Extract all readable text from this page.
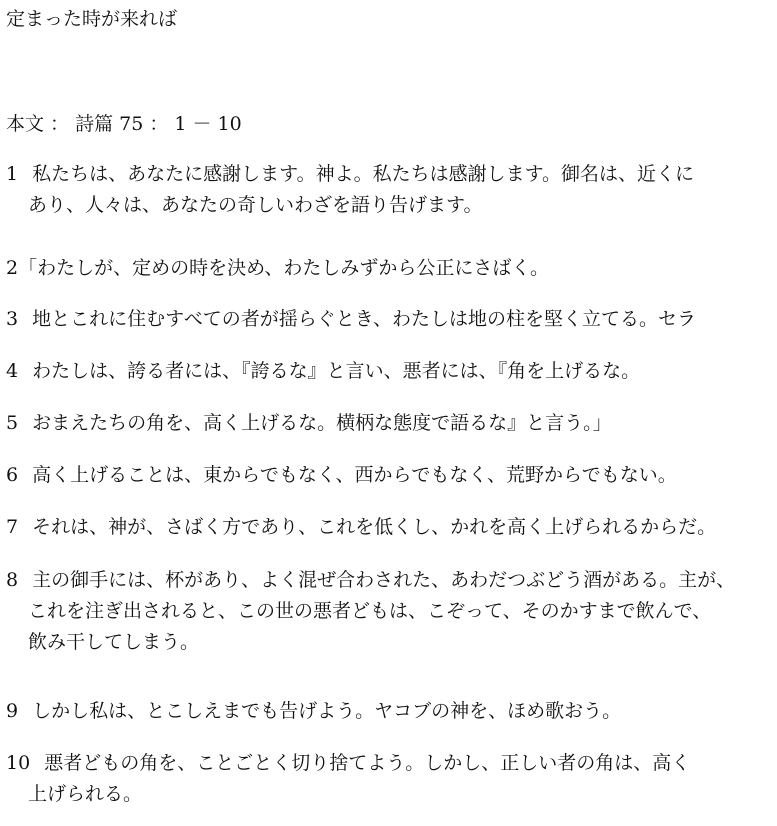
定まった時が来れば
本文 ： 詩篇 75 ： 1 － 10
1 私たちは、あなたに感謝します。神よ。私たちは感謝します。御名は、近くに
あり、人々は、あなたの奇しいわざを語り告げます。
2「わたしが、定めの時を決め、わたしみずから公正にさばく。
3 地とこれに住むすべての者が揺らぐとき、わたしは地の柱を堅く立てる。セラ
4 わたしは、誇る者には、『誇るな』と言い、悪者には、『角を上げるな。
5 おまえたちの角を、高く上げるな。横柄な態度で語るな』と言う。」
6 高く上げることは、東からでもなく、西からでもなく、荒野からでもない。
7 それは、神が、さばく方であり、これを低くし、かれを高く上げられるからだ。
8 主の御手には、杯があり、よく混ぜ合わされた、あわだつぶどう酒がある。主が、
これを注ぎ出されると、この世の悪者どもは、こぞって、そのかすまで飲んで、
飲み干してしまう。
9 しかし私は、とこしえまでも告げよう。ヤコブの神を、ほめ歌おう。
10 悪者どもの角を、ことごとく切り捨てよう。しかし、正しい者の角は、高く
上げられる。
